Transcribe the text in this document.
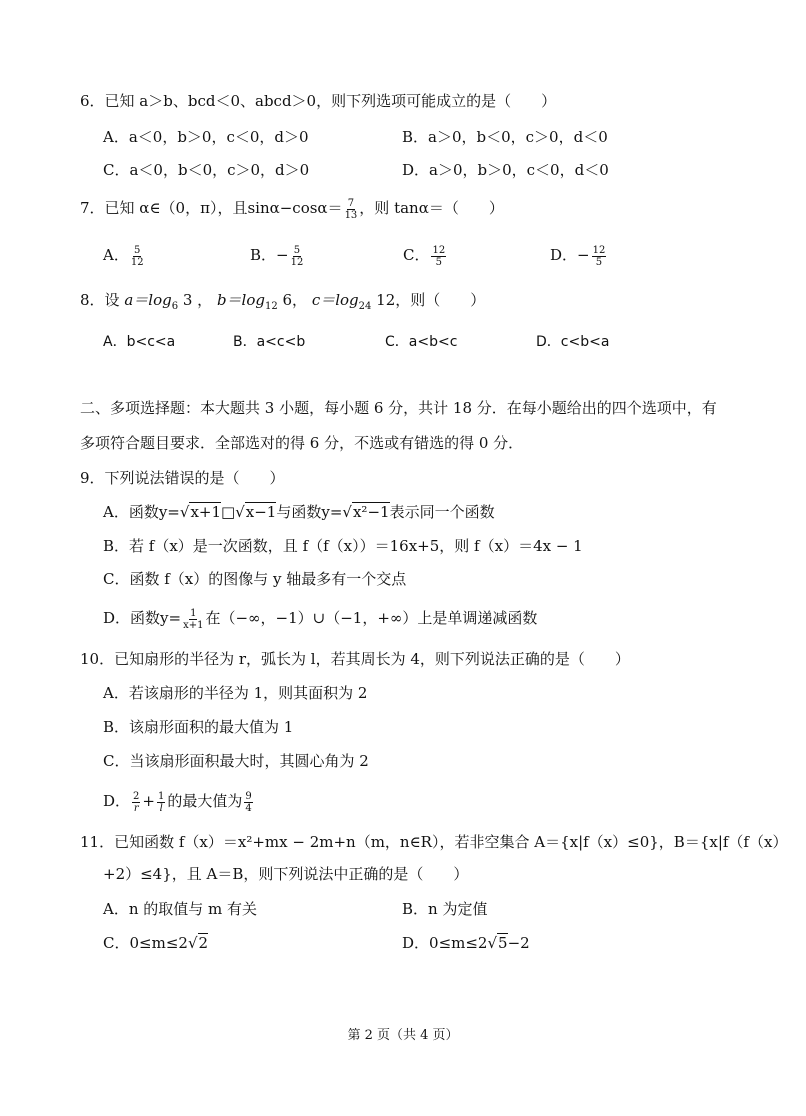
6．已知 a＞b、bcd＜0、abcd＞0，则下列选项可能成立的是（　　）
A．a＜0，b＞0，c＜0，d＞0	B．a＞0，b＜0，c＞0，d＜0
C．a＜0，b＜0，c＞0，d＞0	D．a＞0，b＞0，c＜0，d＜0
7．已知 α∈（0，π），且$\sin\alpha-\cos\alpha= \frac{7}{13}$ ，则 tanα＝（　　）
A． $\frac{5}{12}$	B．− $\frac{5}{12}$	C． $\frac{12}{5}$	D．− $\frac{12}{5}$
8．设 $a=\log_6$ 3 ， $b=\log_{12}$ 6， $c=\log_{24}$ 12，则（　　）
A．b<c<a	B．a<c<b	C．a<b<c	D．c<b<a
二、多项选择题：本大题共 3 小题，每小题 6 分，共计 18 分．在每小题给出的四个选项中，有
多项符合题目要求．全部选对的得 6 分，不选或有错选的得 0 分．
9．下列说法错误的是（　　）
A．函数y= √ x+1□ √ x−1与函数y= √ x²−1表示同一个函数
B．若 f（x）是一次函数，且 f（f（x））＝16x+5，则 f（x）＝4x − 1
C．函数 f（x）的图像与 y 轴最多有一个交点
D．函数$y= \frac{1}{x+1}$ 在（−∞，−1）∪（−1，+∞）上是单调递减函数
10．已知扇形的半径为 r，弧长为 l，若其周长为 4，则下列说法正确的是（　　）
A．若该扇形的半径为 1，则其面积为 2
B．该扇形面积的最大值为 1
C．当该扇形面积最大时，其圆心角为 2
D． $\frac{2}{r} + \frac{1}{l}$ 的最大值为 $\frac{9}{4}$
11．已知函数 f（x）＝x²+mx − 2m+n（m，n∈R），若非空集合 A＝{x|f（x）≤0}，B＝{x|f（f（x）
+2）≤4}，且 A＝B，则下列说法中正确的是（　　）
A．n 的取值与 m 有关	B．n 为定值
C．0≤m≤2 √ 2	D．0≤m≤2 √ 5−2
第 2 页（共 4 页）
